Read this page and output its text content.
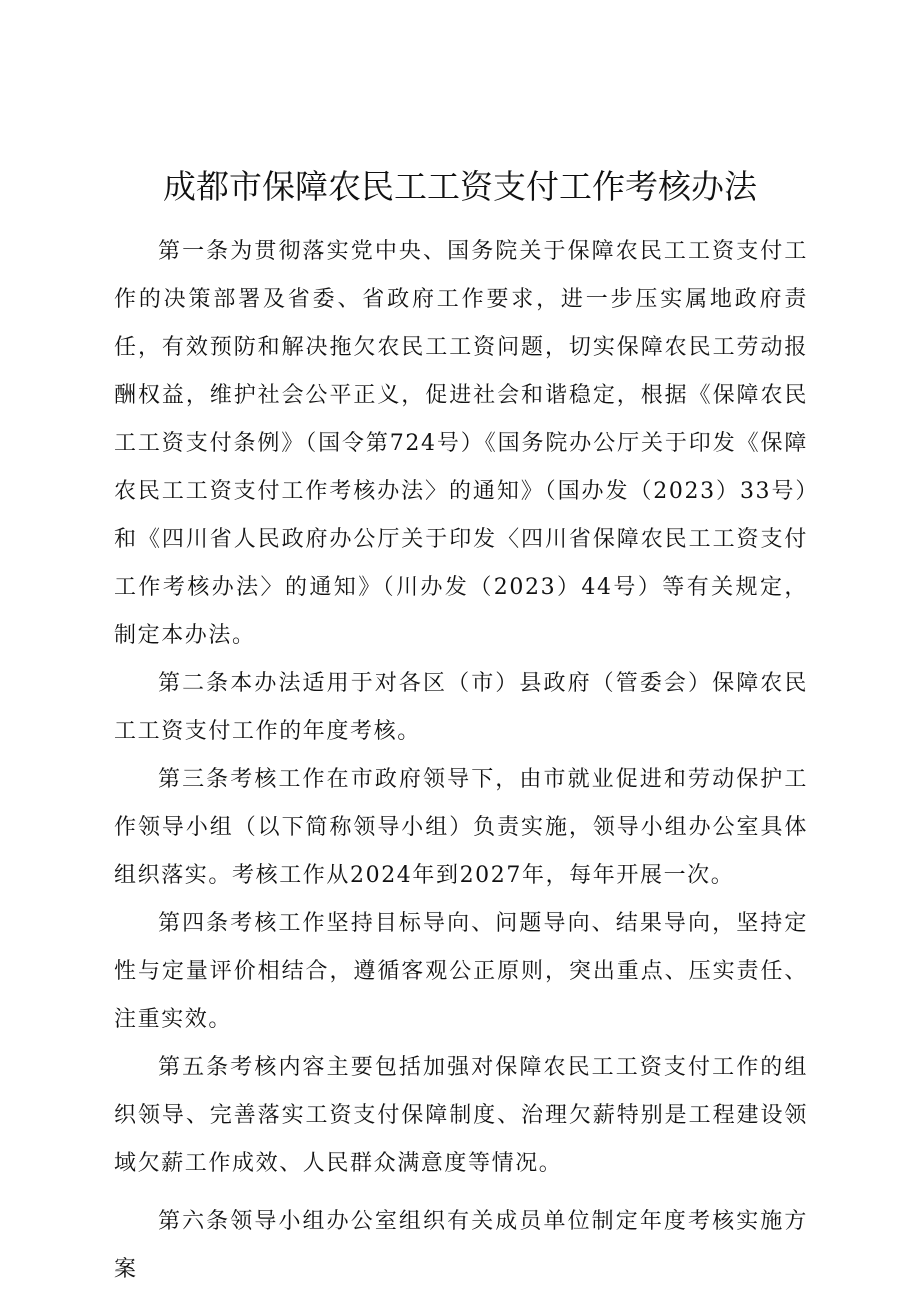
成都市保障农民工工资支付工作考核办法

第一条为贯彻落实党中央、国务院关于保障农民工工资支付工作的决策部署及省委、省政府工作要求，进一步压实属地政府责任，有效预防和解决拖欠农民工工资问题，切实保障农民工劳动报酬权益，维护社会公平正义，促进社会和谐稳定，根据《保障农民工工资支付条例》（国令第724号）《国务院办公厅关于印发《保障农民工工资支付工作考核办法〉的通知》（国办发（2023）33号）和《四川省人民政府办公厅关于印发〈四川省保障农民工工资支付工作考核办法〉的通知》（川办发（2023）44号）等有关规定，制定本办法。

第二条本办法适用于对各区（市）县政府（管委会）保障农民工工资支付工作的年度考核。

第三条考核工作在市政府领导下，由市就业促进和劳动保护工作领导小组（以下简称领导小组）负责实施，领导小组办公室具体组织落实。考核工作从2024年到2027年，每年开展一次。

第四条考核工作坚持目标导向、问题导向、结果导向，坚持定性与定量评价相结合，遵循客观公正原则，突出重点、压实责任、注重实效。

第五条考核内容主要包括加强对保障农民工工资支付工作的组织领导、完善落实工资支付保障制度、治理欠薪特别是工程建设领域欠薪工作成效、人民群众满意度等情况。

第六条领导小组办公室组织有关成员单位制定年度考核实施方案
